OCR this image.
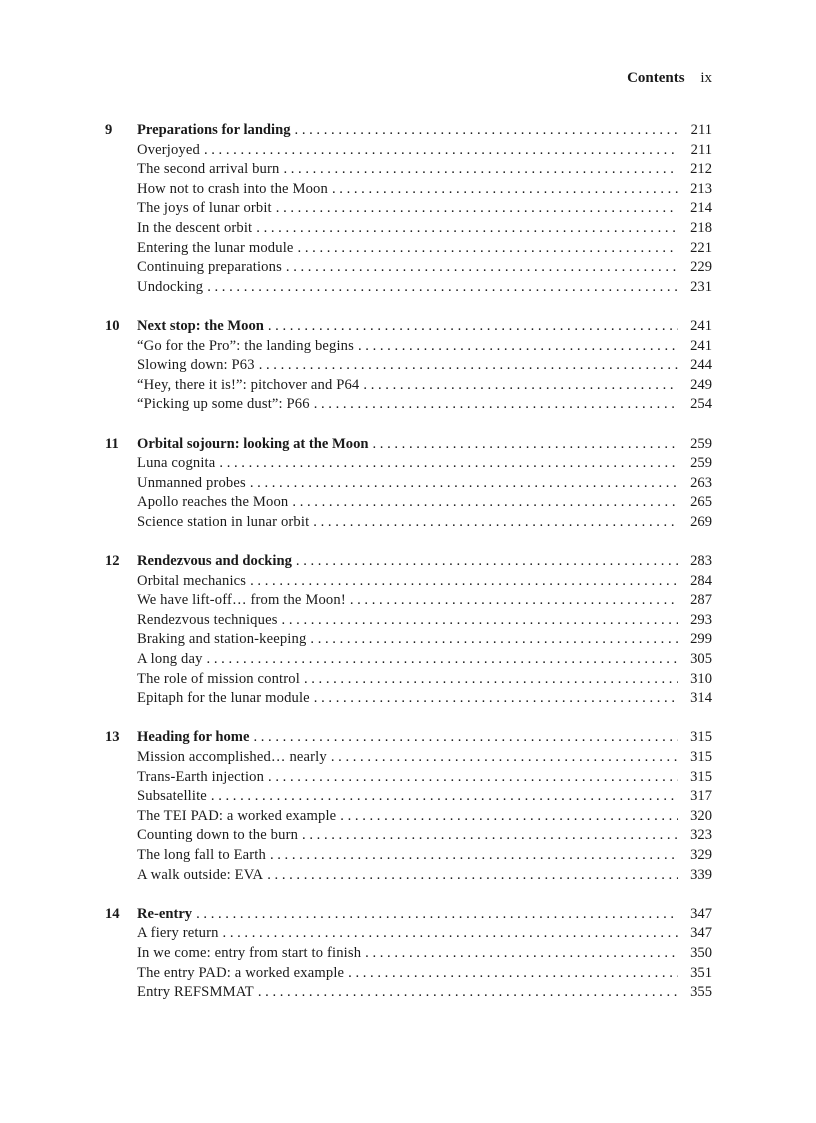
Contents ix
9	Preparations for landing . . .	211
Overjoyed . . .	211
The second arrival burn . . .	212
How not to crash into the Moon . . .	213
The joys of lunar orbit . . .	214
In the descent orbit . . .	218
Entering the lunar module . . .	221
Continuing preparations . . .	229
Undocking . . .	231
10	Next stop: the Moon . . .	241
“Go for the Pro”: the landing begins . . .	241
Slowing down: P63 . . .	244
“Hey, there it is!”: pitchover and P64 . . .	249
“Picking up some dust”: P66 . . .	254
11	Orbital sojourn: looking at the Moon . . .	259
Luna cognita . . .	259
Unmanned probes . . .	263
Apollo reaches the Moon . . .	265
Science station in lunar orbit . . .	269
12	Rendezvous and docking . . .	283
Orbital mechanics . . .	284
We have lift-off… from the Moon! . . .	287
Rendezvous techniques . . .	293
Braking and station-keeping . . .	299
A long day . . .	305
The role of mission control . . .	310
Epitaph for the lunar module . . .	314
13	Heading for home . . .	315
Mission accomplished… nearly . . .	315
Trans-Earth injection . . .	315
Subsatellite . . .	317
The TEI PAD: a worked example . . .	320
Counting down to the burn . . .	323
The long fall to Earth . . .	329
A walk outside: EVA . . .	339
14	Re-entry . . .	347
A fiery return . . .	347
In we come: entry from start to finish . . .	350
The entry PAD: a worked example . . .	351
Entry REFSMMAT . . .	355
